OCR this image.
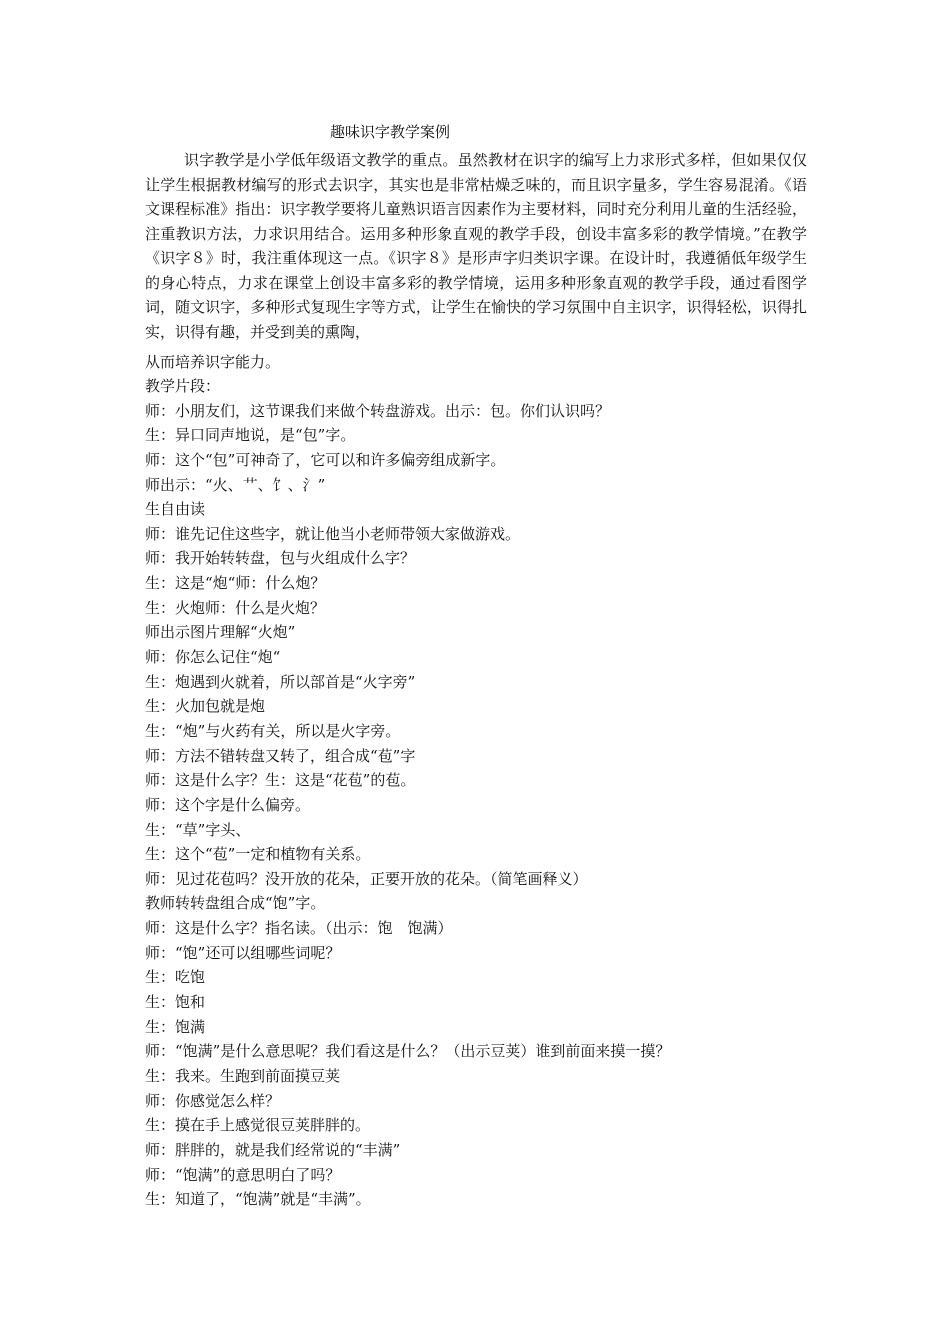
趣味识字教学案例

识字教学是小学低年级语文教学的重点。虽然教材在识字的编写上力求形式多样，但如果仅仅让学生根据教材编写的形式去识字，其实也是非常枯燥乏味的，而且识字量多，学生容易混淆。《语文课程标准》指出：识字教学要将儿童熟识语言因素作为主要材料，同时充分利用儿童的生活经验，注重教识方法，力求识用结合。运用多种形象直观的教学手段，创设丰富多彩的教学情境。”在教学《识字８》时，我注重体现这一点。《识字８》是形声字归类识字课。在设计时，我遵循低年级学生的身心特点，力求在课堂上创设丰富多彩的教学情境，运用多种形象直观的教学手段，通过看图学词，随文识字，多种形式复现生字等方式，让学生在愉快的学习氛围中自主识字，识得轻松，识得扎实，识得有趣，并受到美的熏陶，

从而培养识字能力。
教学片段：
师：小朋友们，这节课我们来做个转盘游戏。出示：包。你们认识吗？
生：异口同声地说，是“包”字。
师：这个“包”可神奇了，它可以和许多偏旁组成新字。
师出示：“火、艹、饣、氵”
生自由读
师：谁先记住这些字，就让他当小老师带领大家做游戏。
师：我开始转转盘，包与火组成什么字？
生：这是“炮“师：什么炮？
生：火炮师：什么是火炮？
师出示图片理解“火炮”
师：你怎么记住“炮“
生：炮遇到火就着，所以部首是“火字旁”
生：火加包就是炮
生：“炮”与火药有关，所以是火字旁。
师：方法不错转盘又转了，组合成“苞”字
师：这是什么字？生：这是“花苞”的苞。
师：这个字是什么偏旁。
生：“草”字头、
生：这个“苞”一定和植物有关系。
师：见过花苞吗？没开放的花朵，正要开放的花朵。（简笔画释义）
教师转转盘组合成“饱”字。
师：这是什么字？指名读。（出示：饱　饱满）
师：“饱”还可以组哪些词呢？
生：吃饱
生：饱和
生：饱满
师：“饱满”是什么意思呢？我们看这是什么？（出示豆荚）谁到前面来摸一摸？
生：我来。生跑到前面摸豆荚
师：你感觉怎么样？
生：摸在手上感觉很豆荚胖胖的。
师：胖胖的，就是我们经常说的“丰满”
师：“饱满”的意思明白了吗？
生：知道了，“饱满”就是“丰满”。
